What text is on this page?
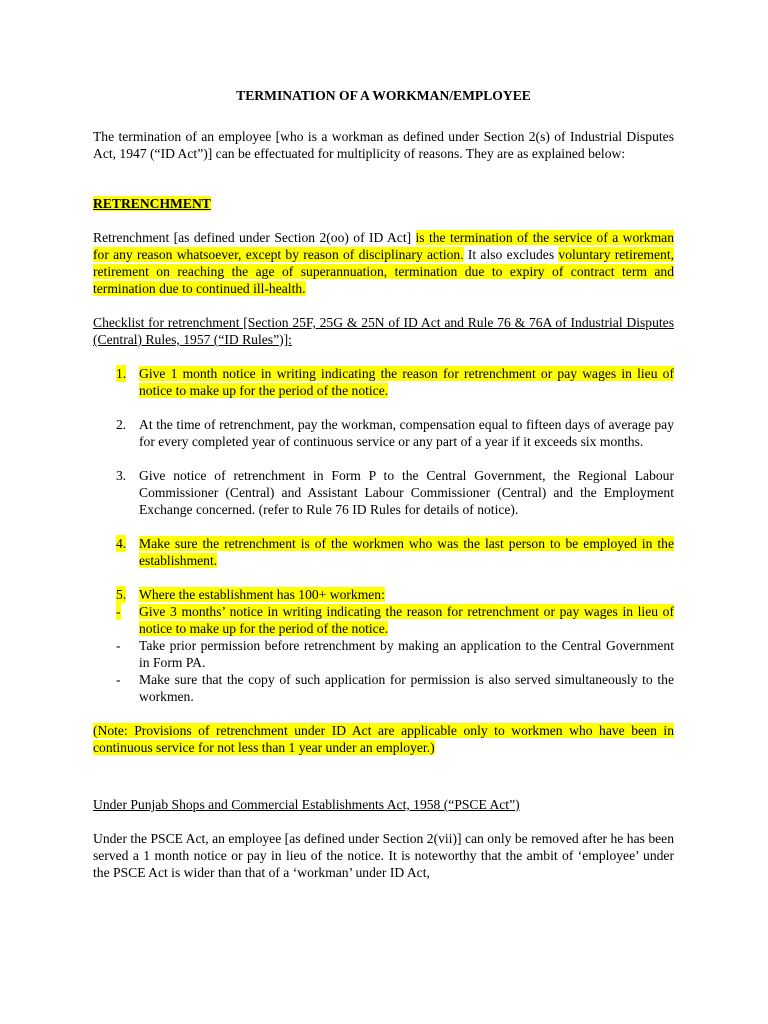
TERMINATION OF A WORKMAN/EMPLOYEE

The termination of an employee [who is a workman as defined under Section 2(s) of Industrial Disputes Act, 1947 (“ID Act”)] can be effectuated for multiplicity of reasons. They are as explained below:

RETRENCHMENT

Retrenchment [as defined under Section 2(oo) of ID Act] is the termination of the service of a workman for any reason whatsoever, except by reason of disciplinary action. It also excludes voluntary retirement, retirement on reaching the age of superannuation, termination due to expiry of contract term and termination due to continued ill-health.

Checklist for retrenchment [Section 25F, 25G & 25N of ID Act and Rule 76 & 76A of Industrial Disputes (Central) Rules, 1957 (“ID Rules”)]:

1. Give 1 month notice in writing indicating the reason for retrenchment or pay wages in lieu of notice to make up for the period of the notice.
2. At the time of retrenchment, pay the workman, compensation equal to fifteen days of average pay for every completed year of continuous service or any part of a year if it exceeds six months.
3. Give notice of retrenchment in Form P to the Central Government, the Regional Labour Commissioner (Central) and Assistant Labour Commissioner (Central) and the Employment Exchange concerned. (refer to Rule 76 ID Rules for details of notice).
4. Make sure the retrenchment is of the workmen who was the last person to be employed in the establishment.
5. Where the establishment has 100+ workmen:
- Give 3 months’ notice in writing indicating the reason for retrenchment or pay wages in lieu of notice to make up for the period of the notice.
- Take prior permission before retrenchment by making an application to the Central Government in Form PA.
- Make sure that the copy of such application for permission is also served simultaneously to the workmen.

(Note: Provisions of retrenchment under ID Act are applicable only to workmen who have been in continuous service for not less than 1 year under an employer.)

Under Punjab Shops and Commercial Establishments Act, 1958 (“PSCE Act”)

Under the PSCE Act, an employee [as defined under Section 2(vii)] can only be removed after he has been served a 1 month notice or pay in lieu of the notice. It is noteworthy that the ambit of ‘employee’ under the PSCE Act is wider than that of a ‘workman’ under ID Act,
